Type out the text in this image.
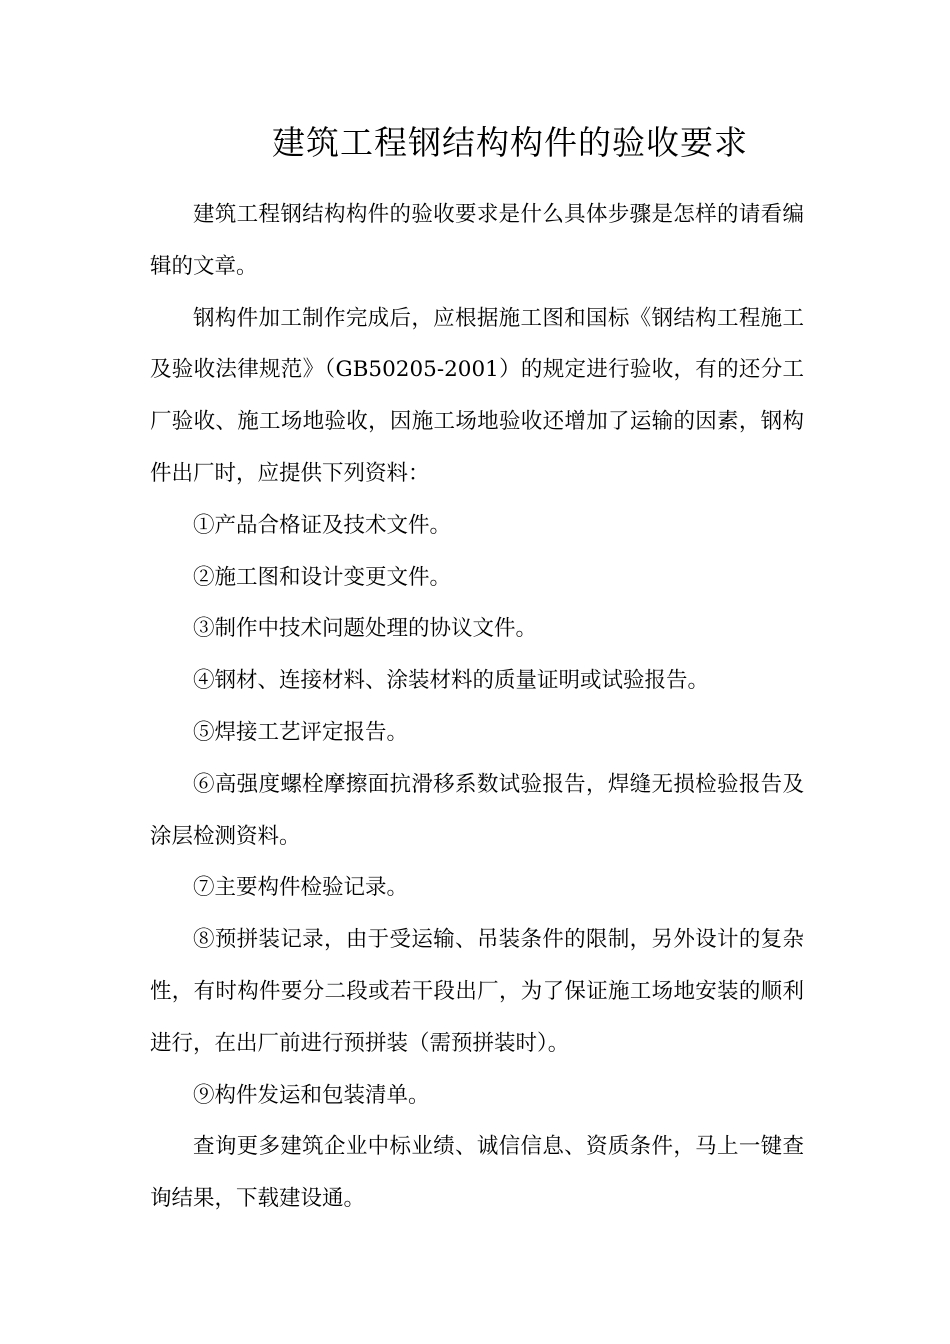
建筑工程钢结构构件的验收要求

建筑工程钢结构构件的验收要求是什么具体步骤是怎样的请看编辑的文章。

钢构件加工制作完成后，应根据施工图和国标《钢结构工程施工及验收法律规范》（GB50205-2001）的规定进行验收，有的还分工厂验收、施工场地验收，因施工场地验收还增加了运输的因素，钢构件出厂时，应提供下列资料：

①产品合格证及技术文件。

②施工图和设计变更文件。

③制作中技术问题处理的协议文件。

④钢材、连接材料、涂装材料的质量证明或试验报告。

⑤焊接工艺评定报告。

⑥高强度螺栓摩擦面抗滑移系数试验报告，焊缝无损检验报告及涂层检测资料。

⑦主要构件检验记录。

⑧预拼装记录，由于受运输、吊装条件的限制，另外设计的复杂性，有时构件要分二段或若干段出厂，为了保证施工场地安装的顺利进行，在出厂前进行预拼装（需预拼装时）。

⑨构件发运和包装清单。

查询更多建筑企业中标业绩、诚信信息、资质条件，马上一键查询结果，下载建设通。
